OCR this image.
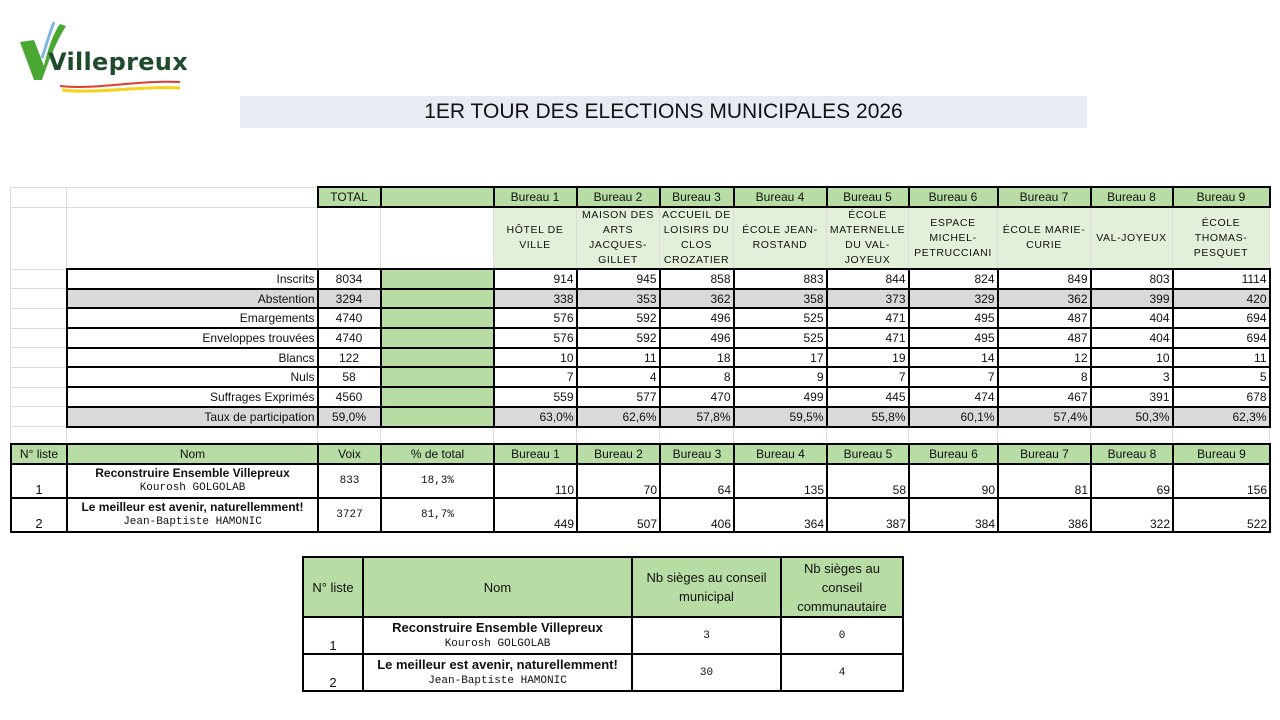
Villepreux
1ER TOUR DES ELECTIONS MUNICIPALES 2026
		TOTAL		Bureau 1	Bureau 2	Bureau 3	Bureau 4	Bureau 5	Bureau 6	Bureau 7	Bureau 8	Bureau 9
				HÔTEL DE VILLE	MAISON DES ARTS JACQUES-GILLET	ACCUEIL DE LOISIRS DU CLOS CROZATIER	ÉCOLE JEAN-ROSTAND	ÉCOLE MATERNELLE DU VAL-JOYEUX	ESPACE MICHEL-PETRUCCIANI	ÉCOLE MARIE-CURIE	VAL-JOYEUX	ÉCOLE THOMAS-PESQUET
	Inscrits	8034		914	945	858	883	844	824	849	803	1114
	Abstention	3294		338	353	362	358	373	329	362	399	420
	Emargements	4740		576	592	496	525	471	495	487	404	694
	Enveloppes trouvées	4740		576	592	496	525	471	495	487	404	694
	Blancs	122		10	11	18	17	19	14	12	10	11
	Nuls	58		7	4	8	9	7	7	8	3	5
	Suffrages Exprimés	4560		559	577	470	499	445	474	467	391	678
	Taux de participation	59,0%		63,0%	62,6%	57,8%	59,5%	55,8%	60,1%	57,4%	50,3%	62,3%

N° liste	Nom	Voix	% de total	Bureau 1	Bureau 2	Bureau 3	Bureau 4	Bureau 5	Bureau 6	Bureau 7	Bureau 8	Bureau 9
1	Reconstruire Ensemble Villepreux
Kourosh GOLGOLAB	833	18,3%	110	70	64	135	58	90	81	69	156
2	Le meilleur est avenir, naturellemment!
Jean-Baptiste HAMONIC	3727	81,7%	449	507	406	364	387	384	386	322	522
N° liste	Nom	Nb sièges au conseil municipal	Nb sièges au conseil communautaire
1	Reconstruire Ensemble Villepreux
Kourosh GOLGOLAB	3	0
2	Le meilleur est avenir, naturellemment!
Jean-Baptiste HAMONIC	30	4
